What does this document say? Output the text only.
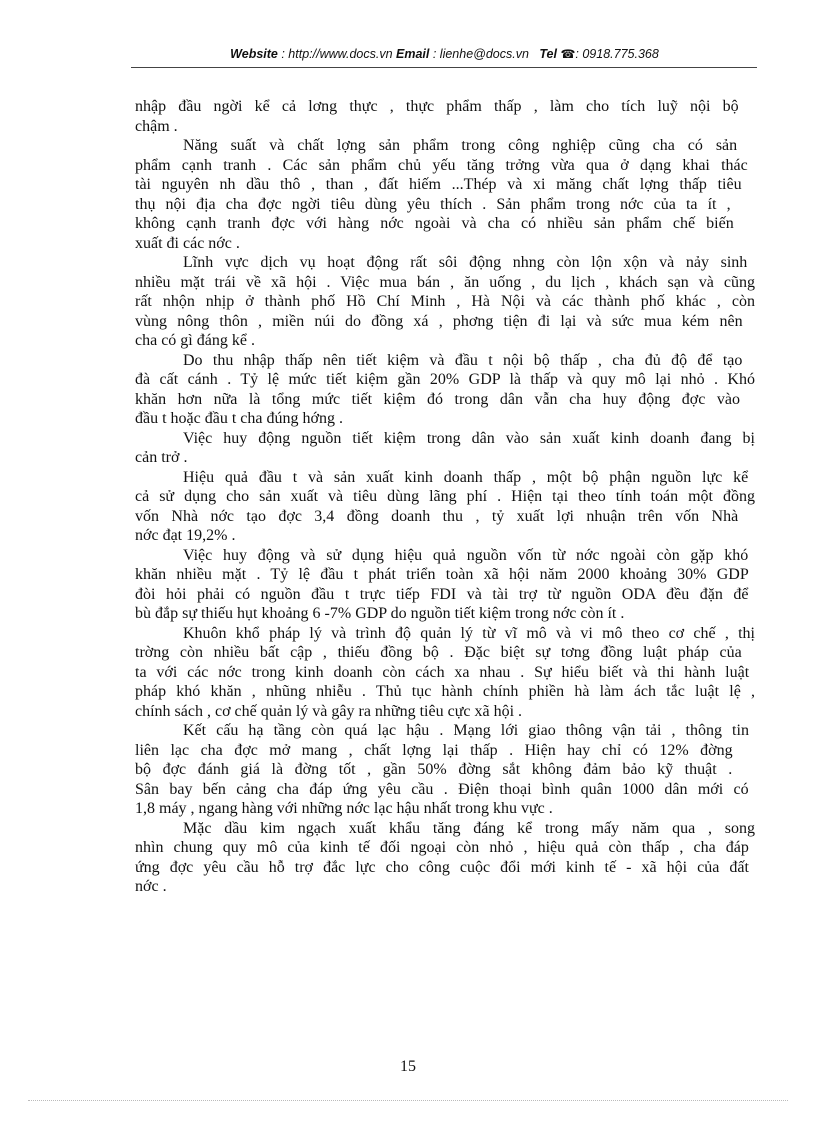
Website : http://www.docs.vn Email : lienhe@docs.vn Tel ☎: 0918.775.368

nhập đầu ngời kể cả lơng thực , thực phẩm thấp , làm cho tích luỹ nội bộ
chậm .

Năng suất và chất lợng sản phẩm trong công nghiệp cũng cha có sản
phẩm cạnh tranh . Các sản phẩm chủ yếu tăng trởng vừa qua ở dạng khai thác
tài nguyên nh dầu thô , than , đất hiếm ...Thép và xi măng chất lợng thấp tiêu
thụ nội địa cha đợc ngời tiêu dùng yêu thích . Sản phẩm trong nớc của ta ít ,
không cạnh tranh đợc với hàng nớc ngoài và cha có nhiều sản phẩm chế biến
xuất đi các nớc .

Lĩnh vực dịch vụ hoạt động rất sôi động nhng còn lộn xộn và nảy sinh
nhiều mặt trái về xã hội . Việc mua bán , ăn uống , du lịch , khách sạn và cũng
rất nhộn nhịp ở thành phố Hồ Chí Minh , Hà Nội và các thành phố khác , còn
vùng nông thôn , miền núi do đồng xá , phơng tiện đi lại và sức mua kém nên
cha có gì đáng kể .

Do thu nhập thấp nên tiết kiệm và đầu t nội bộ thấp , cha đủ độ để tạo
đà cất cánh . Tỷ lệ mức tiết kiệm gần 20% GDP là thấp và quy mô lại nhỏ . Khó
khăn hơn nữa là tổng mức tiết kiệm đó trong dân vẫn cha huy động đợc vào
đầu t hoặc đầu t cha đúng hớng .

Việc huy động nguồn tiết kiệm trong dân vào sản xuất kinh doanh đang bị
cản trở .

Hiệu quả đầu t và sản xuất kinh doanh thấp , một bộ phận nguồn lực kể
cả sử dụng cho sản xuất và tiêu dùng lãng phí . Hiện tại theo tính toán một đồng
vốn Nhà nớc tạo đợc 3,4 đồng doanh thu , tỷ xuất lợi nhuận trên vốn Nhà
nớc đạt 19,2% .

Việc huy động và sử dụng hiệu quả nguồn vốn từ nớc ngoài còn gặp khó
khăn nhiều mặt . Tỷ lệ đầu t phát triển toàn xã hội năm 2000 khoảng 30% GDP
đòi hỏi phải có nguồn đầu t trực tiếp FDI và tài trợ từ nguồn ODA đều đặn để
bù đắp sự thiếu hụt khoảng 6 -7% GDP do nguồn tiết kiệm trong nớc còn ít .

Khuôn khổ pháp lý và trình độ quản lý từ vĩ mô và vi mô theo cơ chế , thị
trờng còn nhiều bất cập , thiếu đồng bộ . Đặc biệt sự tơng đồng luật pháp của
ta với các nớc trong kinh doanh còn cách xa nhau . Sự hiểu biết và thi hành luật
pháp khó khăn , nhũng nhiễu . Thủ tục hành chính phiền hà làm ách tắc luật lệ ,
chính sách , cơ chế quản lý và gây ra những tiêu cực xã hội .

Kết cấu hạ tầng còn quá lạc hậu . Mạng lới giao thông vận tải , thông tin
liên lạc cha đợc mở mang , chất lợng lại thấp . Hiện hay chỉ có 12% đờng
bộ đợc đánh giá là đờng tốt , gần 50% đờng sắt không đảm bảo kỹ thuật .
Sân bay bến cảng cha đáp ứng yêu cầu . Điện thoại bình quân 1000 dân mới có
1,8 máy , ngang hàng với những nớc lạc hậu nhất trong khu vực .

Mặc dầu kim ngạch xuất khẩu tăng đáng kể trong mấy năm qua , song
nhìn chung quy mô của kinh tế đối ngoại còn nhỏ , hiệu quả còn thấp , cha đáp
ứng đợc yêu cầu hỗ trợ đắc lực cho công cuộc đổi mới kinh tế - xã hội của đất
nớc .

15
